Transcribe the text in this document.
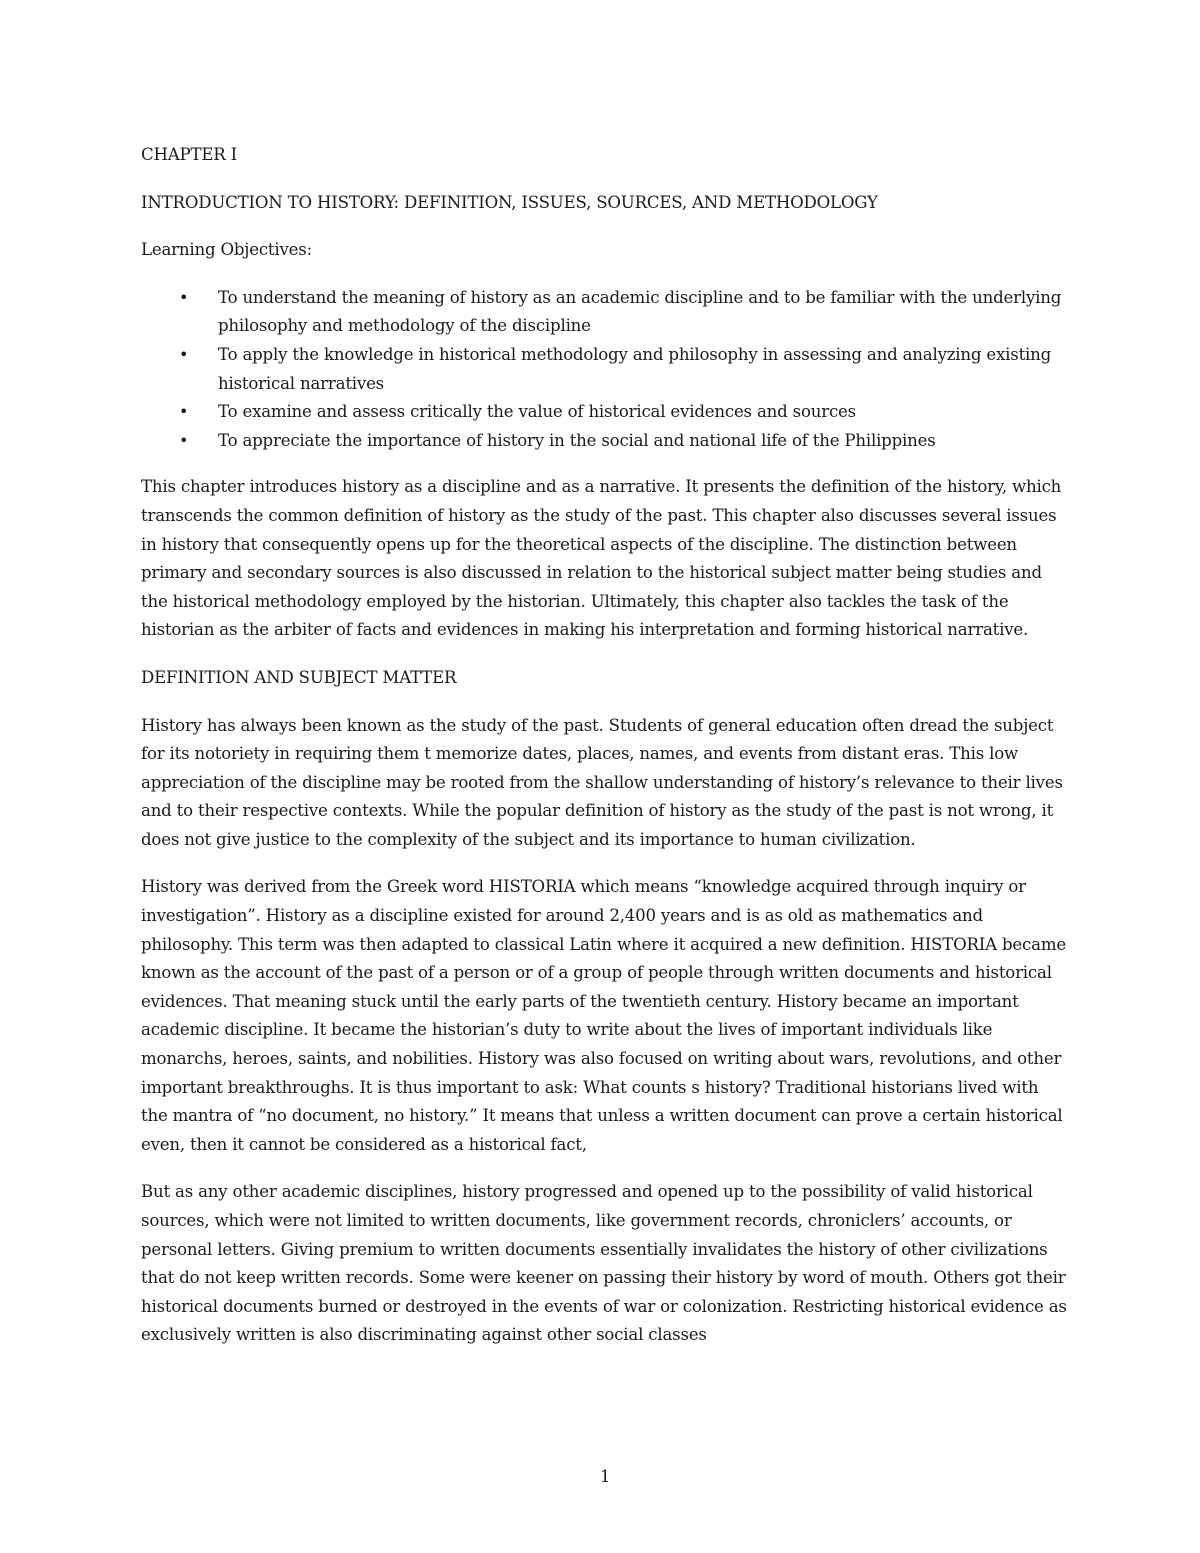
CHAPTER I

INTRODUCTION TO HISTORY: DEFINITION, ISSUES, SOURCES, AND METHODOLOGY

Learning Objectives:

• To understand the meaning of history as an academic discipline and to be familiar with the underlying philosophy and methodology of the discipline
• To apply the knowledge in historical methodology and philosophy in assessing and analyzing existing historical narratives
• To examine and assess critically the value of historical evidences and sources
• To appreciate the importance of history in the social and national life of the Philippines

This chapter introduces history as a discipline and as a narrative. It presents the definition of the history, which transcends the common definition of history as the study of the past. This chapter also discusses several issues in history that consequently opens up for the theoretical aspects of the discipline. The distinction between primary and secondary sources is also discussed in relation to the historical subject matter being studies and the historical methodology employed by the historian. Ultimately, this chapter also tackles the task of the historian as the arbiter of facts and evidences in making his interpretation and forming historical narrative.

DEFINITION AND SUBJECT MATTER

History has always been known as the study of the past. Students of general education often dread the subject for its notoriety in requiring them t memorize dates, places, names, and events from distant eras. This low appreciation of the discipline may be rooted from the shallow understanding of history’s relevance to their lives and to their respective contexts. While the popular definition of history as the study of the past is not wrong, it does not give justice to the complexity of the subject and its importance to human civilization.

History was derived from the Greek word HISTORIA which means “knowledge acquired through inquiry or investigation”. History as a discipline existed for around 2,400 years and is as old as mathematics and philosophy. This term was then adapted to classical Latin where it acquired a new definition. HISTORIA became known as the account of the past of a person or of a group of people through written documents and historical evidences. That meaning stuck until the early parts of the twentieth century. History became an important academic discipline. It became the historian’s duty to write about the lives of important individuals like monarchs, heroes, saints, and nobilities. History was also focused on writing about wars, revolutions, and other important breakthroughs. It is thus important to ask: What counts s history? Traditional historians lived with the mantra of “no document, no history.” It means that unless a written document can prove a certain historical even, then it cannot be considered as a historical fact,

But as any other academic disciplines, history progressed and opened up to the possibility of valid historical sources, which were not limited to written documents, like government records, chroniclers’ accounts, or personal letters. Giving premium to written documents essentially invalidates the history of other civilizations that do not keep written records. Some were keener on passing their history by word of mouth. Others got their historical documents burned or destroyed in the events of war or colonization. Restricting historical evidence as exclusively written is also discriminating against other social classes

1
